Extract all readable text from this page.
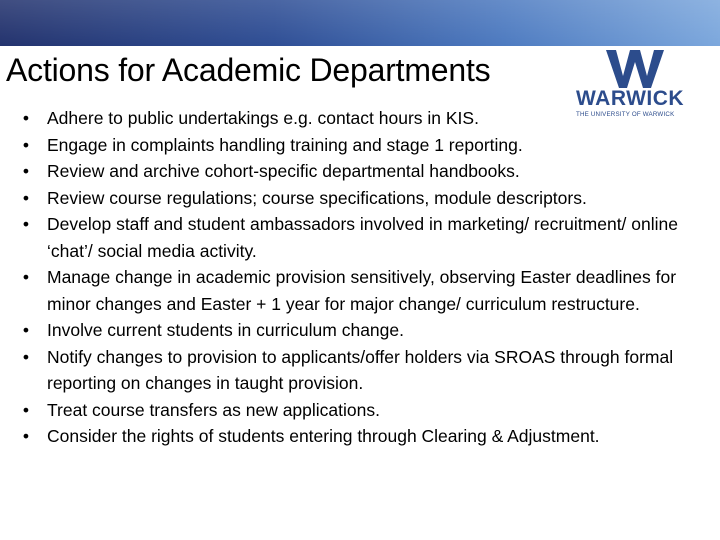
Actions for Academic Departments
WARWICK
THE UNIVERSITY OF WARWICK
• Adhere to public undertakings e.g. contact hours in KIS.
• Engage in complaints handling training and stage 1 reporting.
• Review and archive cohort-specific departmental handbooks.
• Review course regulations; course specifications, module descriptors.
• Develop staff and student ambassadors involved in marketing/ recruitment/ online ‘chat’/ social media activity.
• Manage change in academic provision sensitively, observing Easter deadlines for minor changes and Easter + 1 year for major change/ curriculum restructure.
• Involve current students in curriculum change.
• Notify changes to provision to applicants/offer holders via SROAS through formal reporting on changes in taught provision.
• Treat course transfers as new applications.
• Consider the rights of students entering through Clearing & Adjustment.
